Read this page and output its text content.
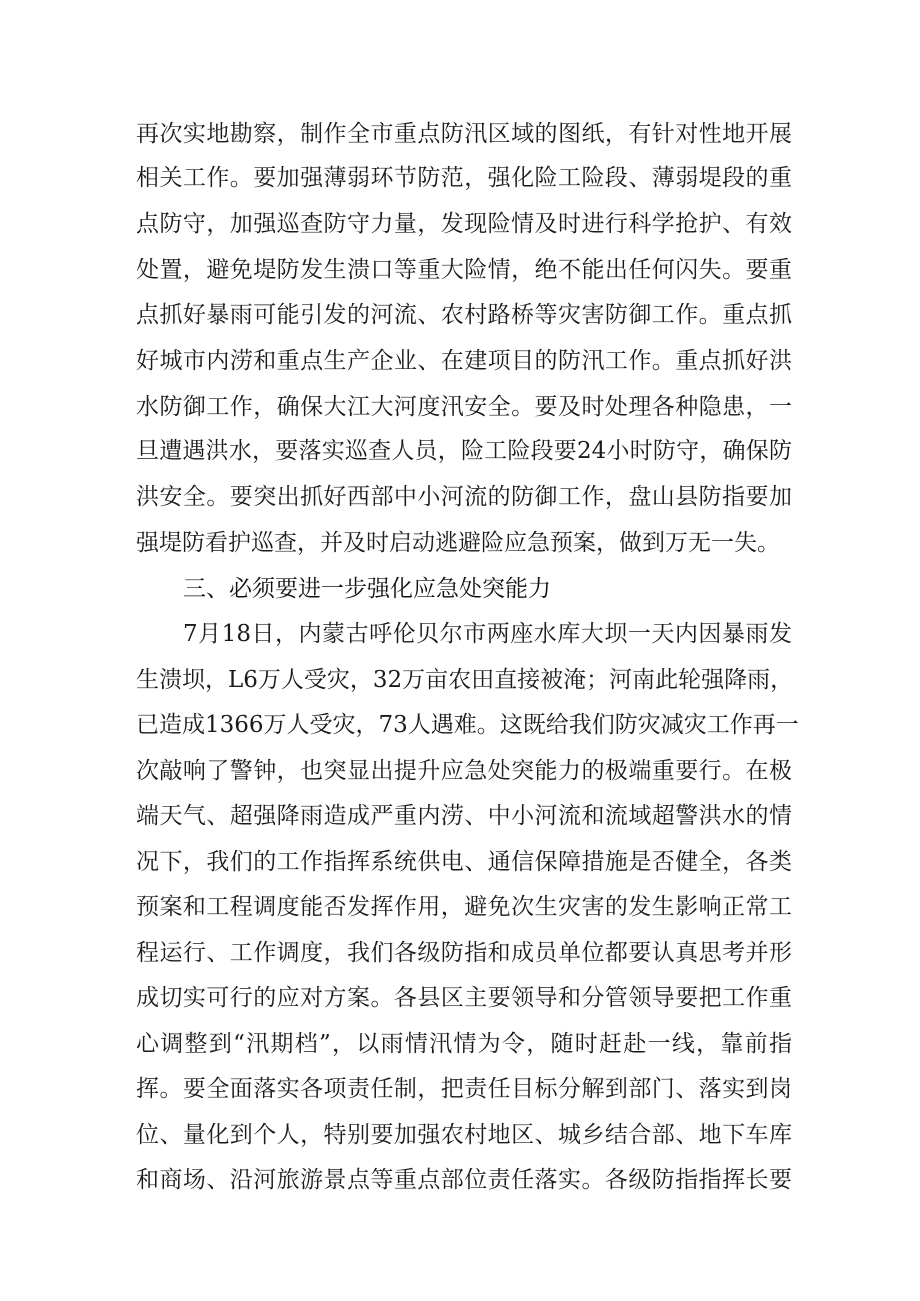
再次实地勘察，制作全市重点防汛区域的图纸，有针对性地开展
相关工作。要加强薄弱环节防范，强化险工险段、薄弱堤段的重
点防守，加强巡查防守力量，发现险情及时进行科学抢护、有效
处置，避免堤防发生溃口等重大险情，绝不能出任何闪失。要重
点抓好暴雨可能引发的河流、农村路桥等灾害防御工作。重点抓
好城市内涝和重点生产企业、在建项目的防汛工作。重点抓好洪
水防御工作，确保大江大河度汛安全。要及时处理各种隐患，一
旦遭遇洪水，要落实巡查人员，险工险段要24小时防守，确保防
洪安全。要突出抓好西部中小河流的防御工作，盘山县防指要加
强堤防看护巡查，并及时启动逃避险应急预案，做到万无一失。
三、必须要进一步强化应急处突能力
7月18日，内蒙古呼伦贝尔市两座水库大坝一天内因暴雨发
生溃坝，L6万人受灾，32万亩农田直接被淹；河南此轮强降雨，
已造成1366万人受灾，73人遇难。这既给我们防灾减灾工作再一
次敲响了警钟，也突显出提升应急处突能力的极端重要行。在极
端天气、超强降雨造成严重内涝、中小河流和流域超警洪水的情
况下，我们的工作指挥系统供电、通信保障措施是否健全，各类
预案和工程调度能否发挥作用，避免次生灾害的发生影响正常工
程运行、工作调度，我们各级防指和成员单位都要认真思考并形
成切实可行的应对方案。各县区主要领导和分管领导要把工作重
心调整到“汛期档”，以雨情汛情为令，随时赶赴一线，靠前指
挥。要全面落实各项责任制，把责任目标分解到部门、落实到岗
位、量化到个人，特别要加强农村地区、城乡结合部、地下车库
和商场、沿河旅游景点等重点部位责任落实。各级防指指挥长要
